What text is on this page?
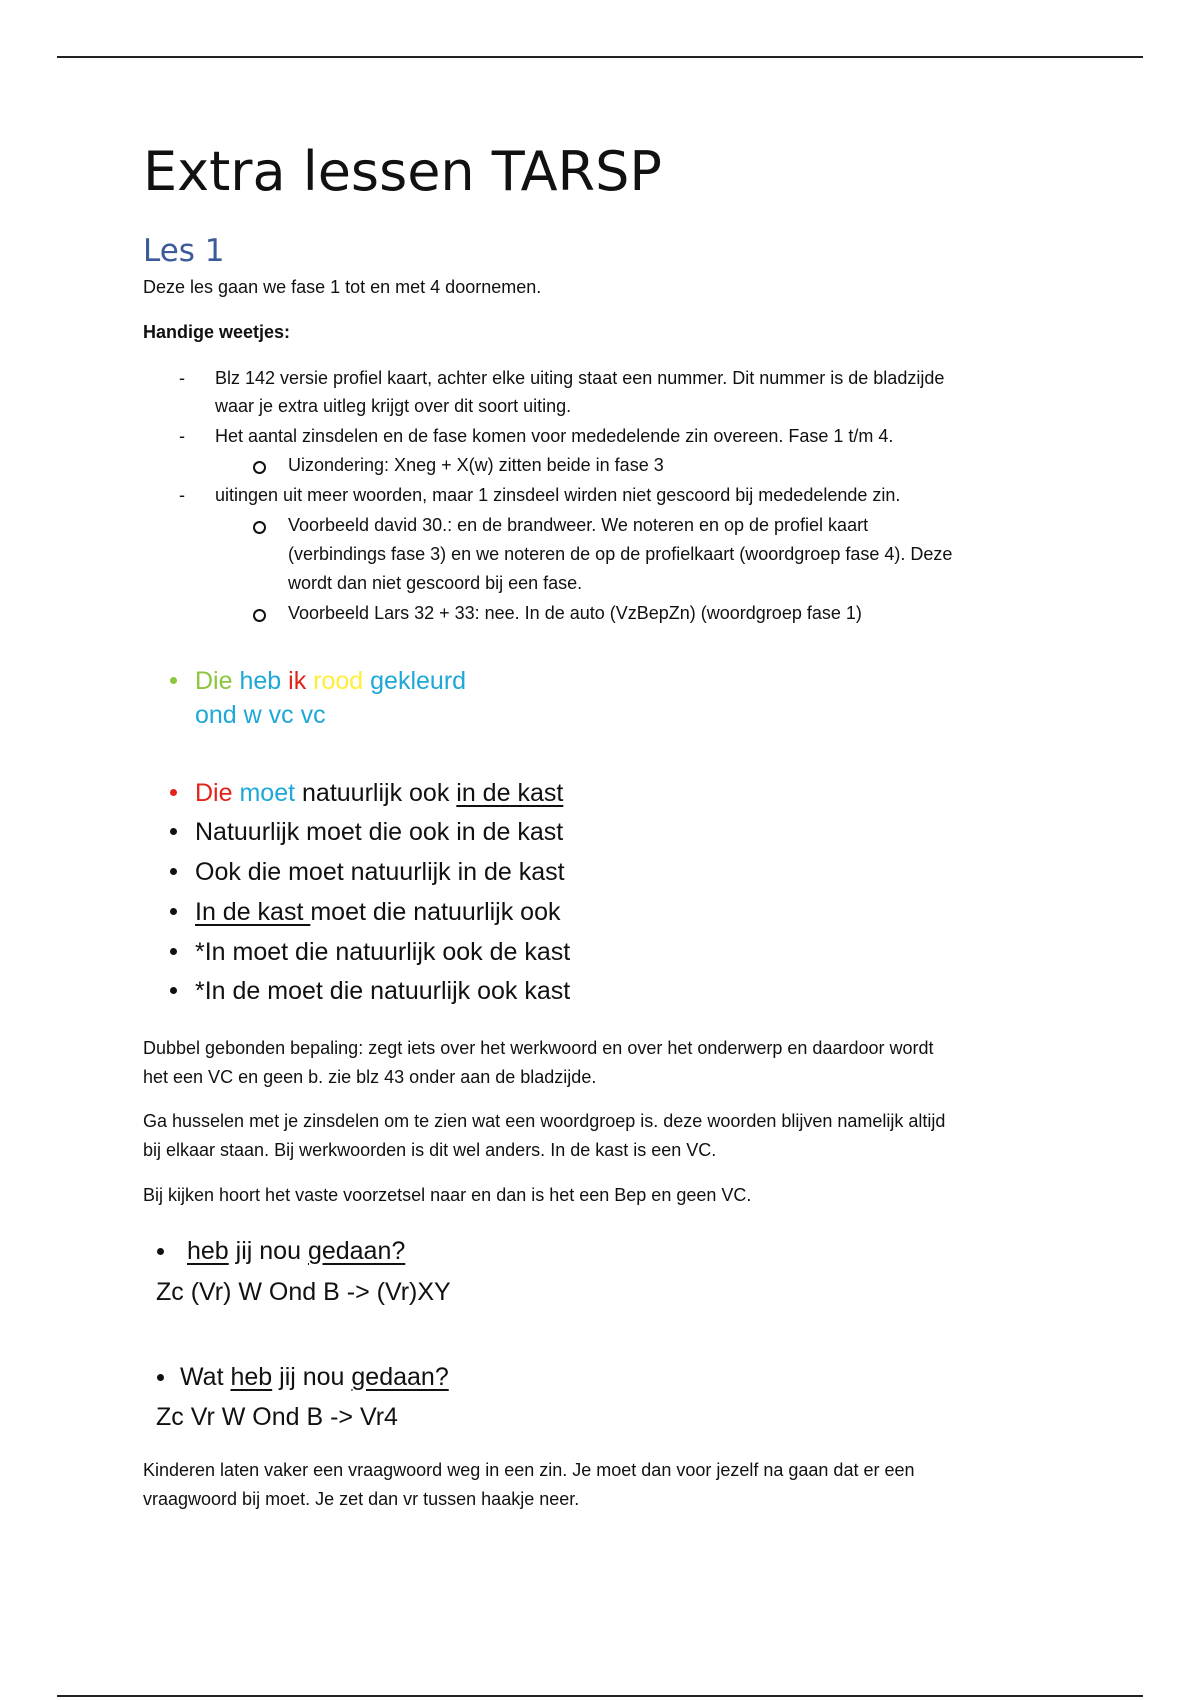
Extra lessen TARSP
Les 1

Deze les gaan we fase 1 tot en met 4 doornemen.

Handige weetjes:

- Blz 142 versie profiel kaart, achter elke uiting staat een nummer. Dit nummer is de bladzijde
waar je extra uitleg krijgt over dit soort uiting.
- Het aantal zinsdelen en de fase komen voor mededelende zin overeen. Fase 1 t/m 4.
Uizondering: Xneg + X(w) zitten beide in fase 3
- uitingen uit meer woorden, maar 1 zinsdeel wirden niet gescoord bij mededelende zin.
Voorbeeld david 30.: en de brandweer. We noteren en op de profiel kaart
(verbindings fase 3) en we noteren de op de profielkaart (woordgroep fase 4). Deze
wordt dan niet gescoord bij een fase.
Voorbeeld Lars 32 + 33: nee. In de auto (VzBepZn) (woordgroep fase 1)
Die heb ik rood gekleurd
ond w vc vc
Die moet natuurlijk ook in de kast
Natuurlijk moet die ook in de kast
Ook die moet natuurlijk in de kast
In de kast moet die natuurlijk ook
*In moet die natuurlijk ook de kast
*In de moet die natuurlijk ook kast

Dubbel gebonden bepaling: zegt iets over het werkwoord en over het onderwerp en daardoor wordt

het een VC en geen b. zie blz 43 onder aan de bladzijde.

Ga husselen met je zinsdelen om te zien wat een woordgroep is. deze woorden blijven namelijk altijd

bij elkaar staan. Bij werkwoorden is dit wel anders. In de kast is een VC.

Bij kijken hoort het vaste voorzetsel naar en dan is het een Bep en geen VC.

heb jij nou gedaan?
Zc (Vr) W Ond B -> (Vr)XY
Wat heb jij nou gedaan?
Zc Vr W Ond B -> Vr4

Kinderen laten vaker een vraagwoord weg in een zin. Je moet dan voor jezelf na gaan dat er een

vraagwoord bij moet. Je zet dan vr tussen haakje neer.
